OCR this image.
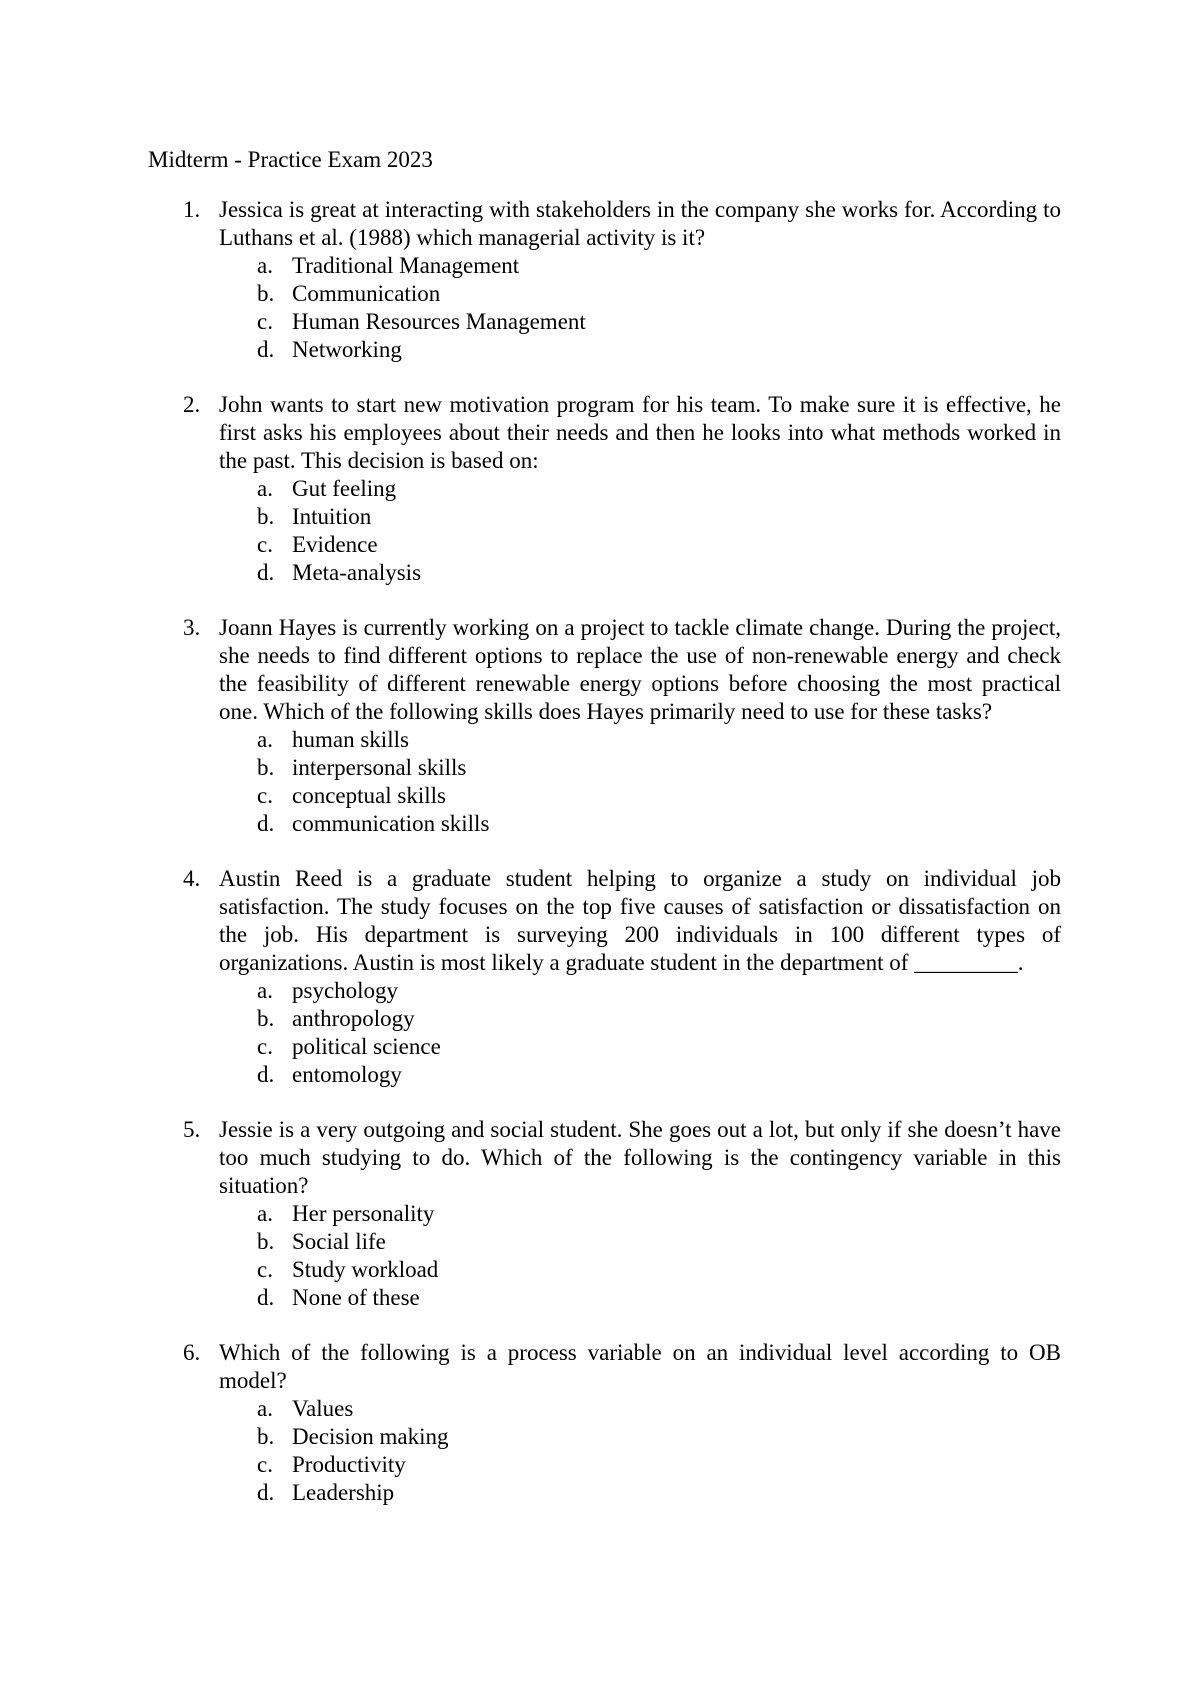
Midterm - Practice Exam 2023
1. Jessica is great at interacting with stakeholders in the company she works for. According to Luthans et al. (1988) which managerial activity is it?
a. Traditional Management
b. Communication
c. Human Resources Management
d. Networking
2. John wants to start new motivation program for his team. To make sure it is effective, he first asks his employees about their needs and then he looks into what methods worked in the past. This decision is based on:
a. Gut feeling
b. Intuition
c. Evidence
d. Meta-analysis
3. Joann Hayes is currently working on a project to tackle climate change. During the project, she needs to find different options to replace the use of non-renewable energy and check the feasibility of different renewable energy options before choosing the most practical one. Which of the following skills does Hayes primarily need to use for these tasks?
a. human skills
b. interpersonal skills
c. conceptual skills
d. communication skills
4. Austin Reed is a graduate student helping to organize a study on individual job satisfaction. The study focuses on the top five causes of satisfaction or dissatisfaction on the job. His department is surveying 200 individuals in 100 different types of organizations. Austin is most likely a graduate student in the department of _________.
a. psychology
b. anthropology
c. political science
d. entomology
5. Jessie is a very outgoing and social student. She goes out a lot, but only if she doesn’t have too much studying to do. Which of the following is the contingency variable in this situation?
a. Her personality
b. Social life
c. Study workload
d. None of these
6. Which of the following is a process variable on an individual level according to OB model?
a. Values
b. Decision making
c. Productivity
d. Leadership
